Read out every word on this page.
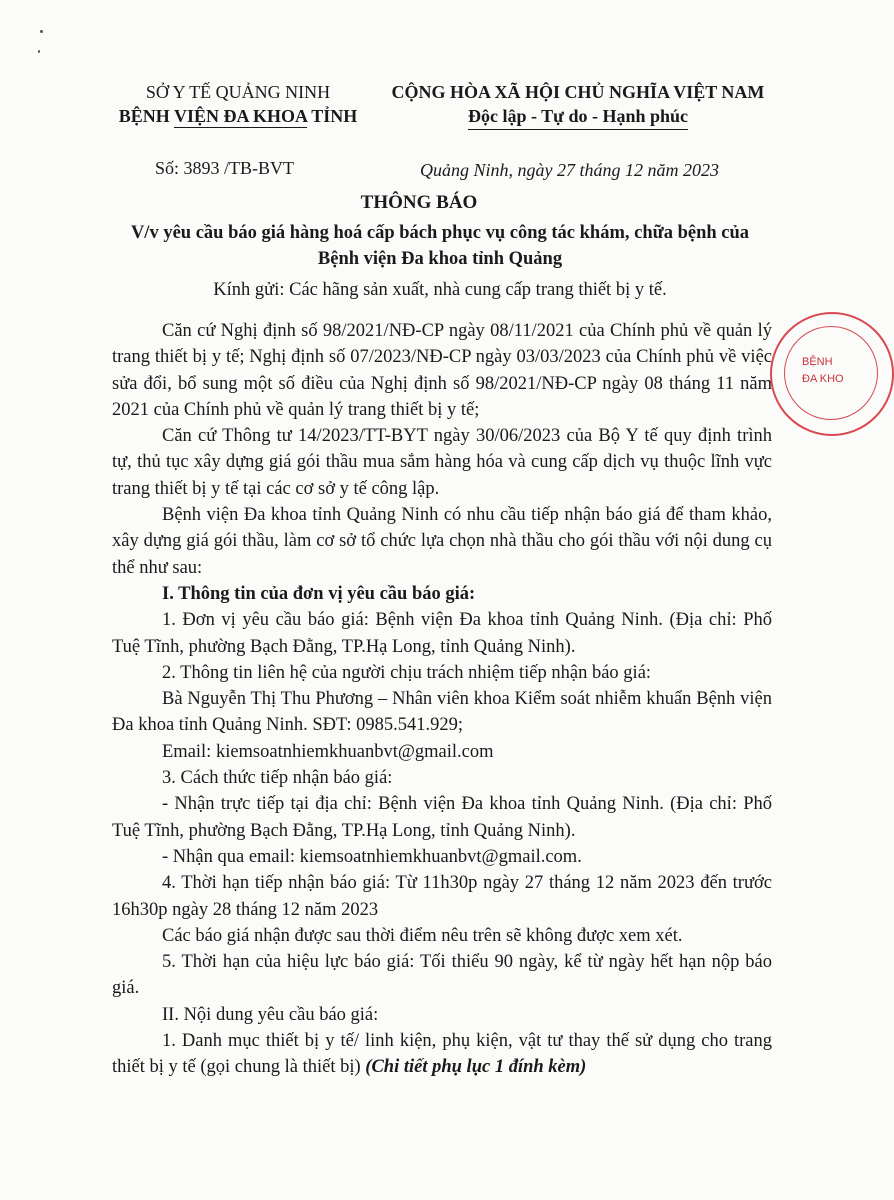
SỞ Y TẾ QUẢNG NINH
BỆNH VIỆN ĐA KHOA TỈNH
CỘNG HÒA XÃ HỘI CHỦ NGHĨA VIỆT NAM
Độc lập - Tự do - Hạnh phúc
Số: 3893 /TB-BVT	Quảng Ninh, ngày 27 tháng 12 năm 2023
THÔNG BÁO
V/v yêu cầu báo giá hàng hoá cấp bách phục vụ công tác khám, chữa bệnh của Bệnh viện Đa khoa tỉnh Quảng
Kính gửi: Các hãng sản xuất, nhà cung cấp trang thiết bị y tế.

Căn cứ Nghị định số 98/2021/NĐ-CP ngày 08/11/2021 của Chính phủ về quản lý trang thiết bị y tế; Nghị định số 07/2023/NĐ-CP ngày 03/03/2023 của Chính phủ về việc sửa đổi, bổ sung một số điều của Nghị định số 98/2021/NĐ-CP ngày 08 tháng 11 năm 2021 của Chính phủ về quản lý trang thiết bị y tế;

Căn cứ Thông tư 14/2023/TT-BYT ngày 30/06/2023 của Bộ Y tế quy định trình tự, thủ tục xây dựng giá gói thầu mua sắm hàng hóa và cung cấp dịch vụ thuộc lĩnh vực trang thiết bị y tế tại các cơ sở y tế công lập.

Bệnh viện Đa khoa tỉnh Quảng Ninh có nhu cầu tiếp nhận báo giá để tham khảo, xây dựng giá gói thầu, làm cơ sở tổ chức lựa chọn nhà thầu cho gói thầu với nội dung cụ thể như sau:

I. Thông tin của đơn vị yêu cầu báo giá:

1. Đơn vị yêu cầu báo giá: Bệnh viện Đa khoa tỉnh Quảng Ninh. (Địa chỉ: Phố Tuệ Tĩnh, phường Bạch Đằng, TP.Hạ Long, tỉnh Quảng Ninh).

2. Thông tin liên hệ của người chịu trách nhiệm tiếp nhận báo giá:

Bà Nguyễn Thị Thu Phương – Nhân viên khoa Kiểm soát nhiễm khuẩn Bệnh viện Đa khoa tỉnh Quảng Ninh. SĐT: 0985.541.929;

Email: kiemsoatnhiemkhuanbvt@gmail.com

3. Cách thức tiếp nhận báo giá:

- Nhận trực tiếp tại địa chỉ: Bệnh viện Đa khoa tỉnh Quảng Ninh. (Địa chỉ: Phố Tuệ Tĩnh, phường Bạch Đằng, TP.Hạ Long, tỉnh Quảng Ninh).

- Nhận qua email: kiemsoatnhiemkhuanbvt@gmail.com.

4. Thời hạn tiếp nhận báo giá: Từ 11h30p ngày 27 tháng 12 năm 2023 đến trước 16h30p ngày 28 tháng 12 năm 2023

Các báo giá nhận được sau thời điểm nêu trên sẽ không được xem xét.

5. Thời hạn của hiệu lực báo giá: Tối thiểu 90 ngày, kể từ ngày hết hạn nộp báo giá.

II. Nội dung yêu cầu báo giá:

1. Danh mục thiết bị y tế/ linh kiện, phụ kiện, vật tư thay thế sử dụng cho trang thiết bị y tế (gọi chung là thiết bị) (Chi tiết phụ lục 1 đính kèm)

BỆNH
ĐA KHO
